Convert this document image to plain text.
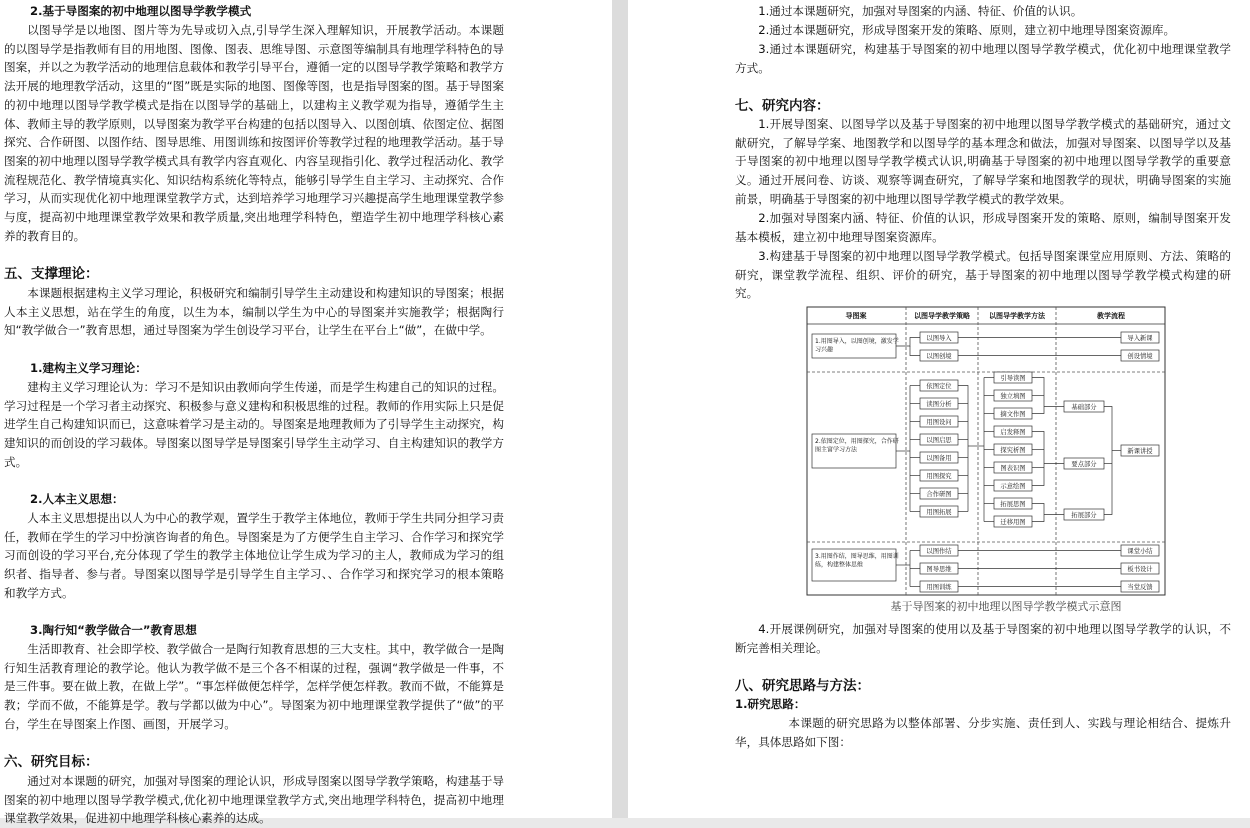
2.基于导图案的初中地理以图导学教学模式
以图导学是以地图、图片等为先导或切入点,引导学生深入理解知识，开展教学活动。本课题的以图导学是指教师有目的用地图、图像、图表、思维导图、示意图等编制具有地理学科特色的导图案，并以之为教学活动的地理信息载体和教学引导平台，遵循一定的以图导学教学策略和教学方法开展的地理教学活动，这里的“图”既是实际的地图、图像等图，也是指导图案的图。基于导图案的初中地理以图导学教学模式是指在以图导学的基础上，以建构主义教学观为指导，遵循学生主体、教师主导的教学原则，以导图案为教学平台构建的包括以图导入、以图创填、依图定位、据图探究、合作研图、以图作结、图导思维、用图训练和按图评价等教学过程的地理教学活动。基于导图案的初中地理以图导学教学模式具有教学内容直观化、内容呈现指引化、教学过程活动化、教学流程规范化、教学情境真实化、知识结构系统化等特点，能够引导学生自主学习、主动探究、合作学习，从而实现优化初中地理课堂教学方式，达到培养学习地理学习兴趣提高学生地理课堂教学参与度，提高初中地理课堂教学效果和教学质量,突出地理学科特色，塑造学生初中地理学科核心素养的教育目的。
五、支撑理论：
本课题根据建构主义学习理论，积极研究和编制引导学生主动建设和构建知识的导图案；根据人本主义思想，站在学生的角度，以生为本，编制以学生为中心的导图案并实施教学；根据陶行知“教学做合一”教育思想，通过导图案为学生创设学习平台，让学生在平台上“做”，在做中学。
1.建构主义学习理论：
建构主义学习理论认为：学习不是知识由教师向学生传递，而是学生构建自己的知识的过程。学习过程是一个学习者主动探究、积极参与意义建构和积极思维的过程。教师的作用实际上只是促进学生自己构建知识而已，这意味着学习是主动的。导图案是地理教师为了引导学生主动探究，构建知识的而创设的学习载体。导图案以图导学是导图案引导学生主动学习、自主构建知识的教学方式。
2.人本主义思想：
人本主义思想提出以人为中心的教学观，置学生于教学主体地位，教师于学生共同分担学习责任，教师在学生的学习中扮演咨询者的角色。导图案是为了方便学生自主学习、合作学习和探究学习而创设的学习平台,充分体现了学生的教学主体地位让学生成为学习的主人，教师成为学习的组织者、指导者、参与者。导图案以图导学是引导学生自主学习、、合作学习和探究学习的根本策略和教学方式。
3.陶行知“教学做合一”教育思想
生活即教育、社会即学校、教学做合一是陶行知教育思想的三大支柱。其中，教学做合一是陶行知生活教育理论的教学论。他认为教学做不是三个各不相谋的过程，强调“教学做是一件事，不是三件事。要在做上教，在做上学”。“事怎样做便怎样学，怎样学便怎样教。教而不做，不能算是教；学而不做，不能算是学。教与学都以做为中心”。导图案为初中地理课堂教学提供了“做”的平台，学生在导图案上作图、画图，开展学习。
六、研究目标：
通过对本课题的研究，加强对导图案的理论认识，形成导图案以图导学教学策略，构建基于导图案的初中地理以图导学教学模式,优化初中地理课堂教学方式,突出地理学科特色，提高初中地理课堂教学效果，促进初中地理学科核心素养的达成。
1.通过本课题研究，加强对导图案的内涵、特征、价值的认识。
2.通过本课题研究，形成导图案开发的策略、原则，建立初中地理导图案资源库。
3.通过本课题研究，构建基于导图案的初中地理以图导学教学模式，优化初中地理课堂教学方式。
七、研究内容：
1.开展导图案、以图导学以及基于导图案的初中地理以图导学教学模式的基础研究，通过文献研究，了解导学案、地图教学和以图导学的基本理念和做法，加强对导图案、以图导学以及基于导图案的初中地理以图导学教学模式认识,明确基于导图案的初中地理以图导学教学的重要意义。通过开展问卷、访谈、观察等调查研究，了解导学案和地图教学的现状，明确导图案的实施前景，明确基于导图案的初中地理以图导学教学模式的教学效果。
2.加强对导图案内涵、特征、价值的认识，形成导图案开发的策略、原则，编制导图案开发基本模板，建立初中地理导图案资源库。
3.构建基于导图案的初中地理以图导学教学模式。包括导图案课堂应用原则、方法、策略的研究，课堂教学流程、组织、评价的研究，基于导图案的初中地理以图导学教学模式构建的研究。
导图案	以图导学教学策略	以图导学教学方法	教学流程
1.用图导入，以图创境，激发学习兴趣
2.依图定位，用图探究，合作研图主富学习方法
3.用图作结，图导思维，用图训练，构建整体思维
以图导入
以图创境
依图定位
读图分析
用图设问
以图启思
以图备用
用图探究
合作研图
用图拓展
以图作结
图导思维
用图训练
引导读图
独立填图
摘文作图
启发释图
探究析图
图表识图
示意绘图
拓展思图
迁移用图
基础部分
要点部分
拓展部分
导入新课
创设情境
新课讲授
课堂小结
板书设计
当堂反馈
基于导图案的初中地理以图导学教学模式示意图
4.开展课例研究，加强对导图案的使用以及基于导图案的初中地理以图导学教学的认识，不断完善相关理论。
八、研究思路与方法：
1.研究思路：
本课题的研究思路为以整体部署、分步实施、责任到人、实践与理论相结合、提炼升华，具体思路如下图：
